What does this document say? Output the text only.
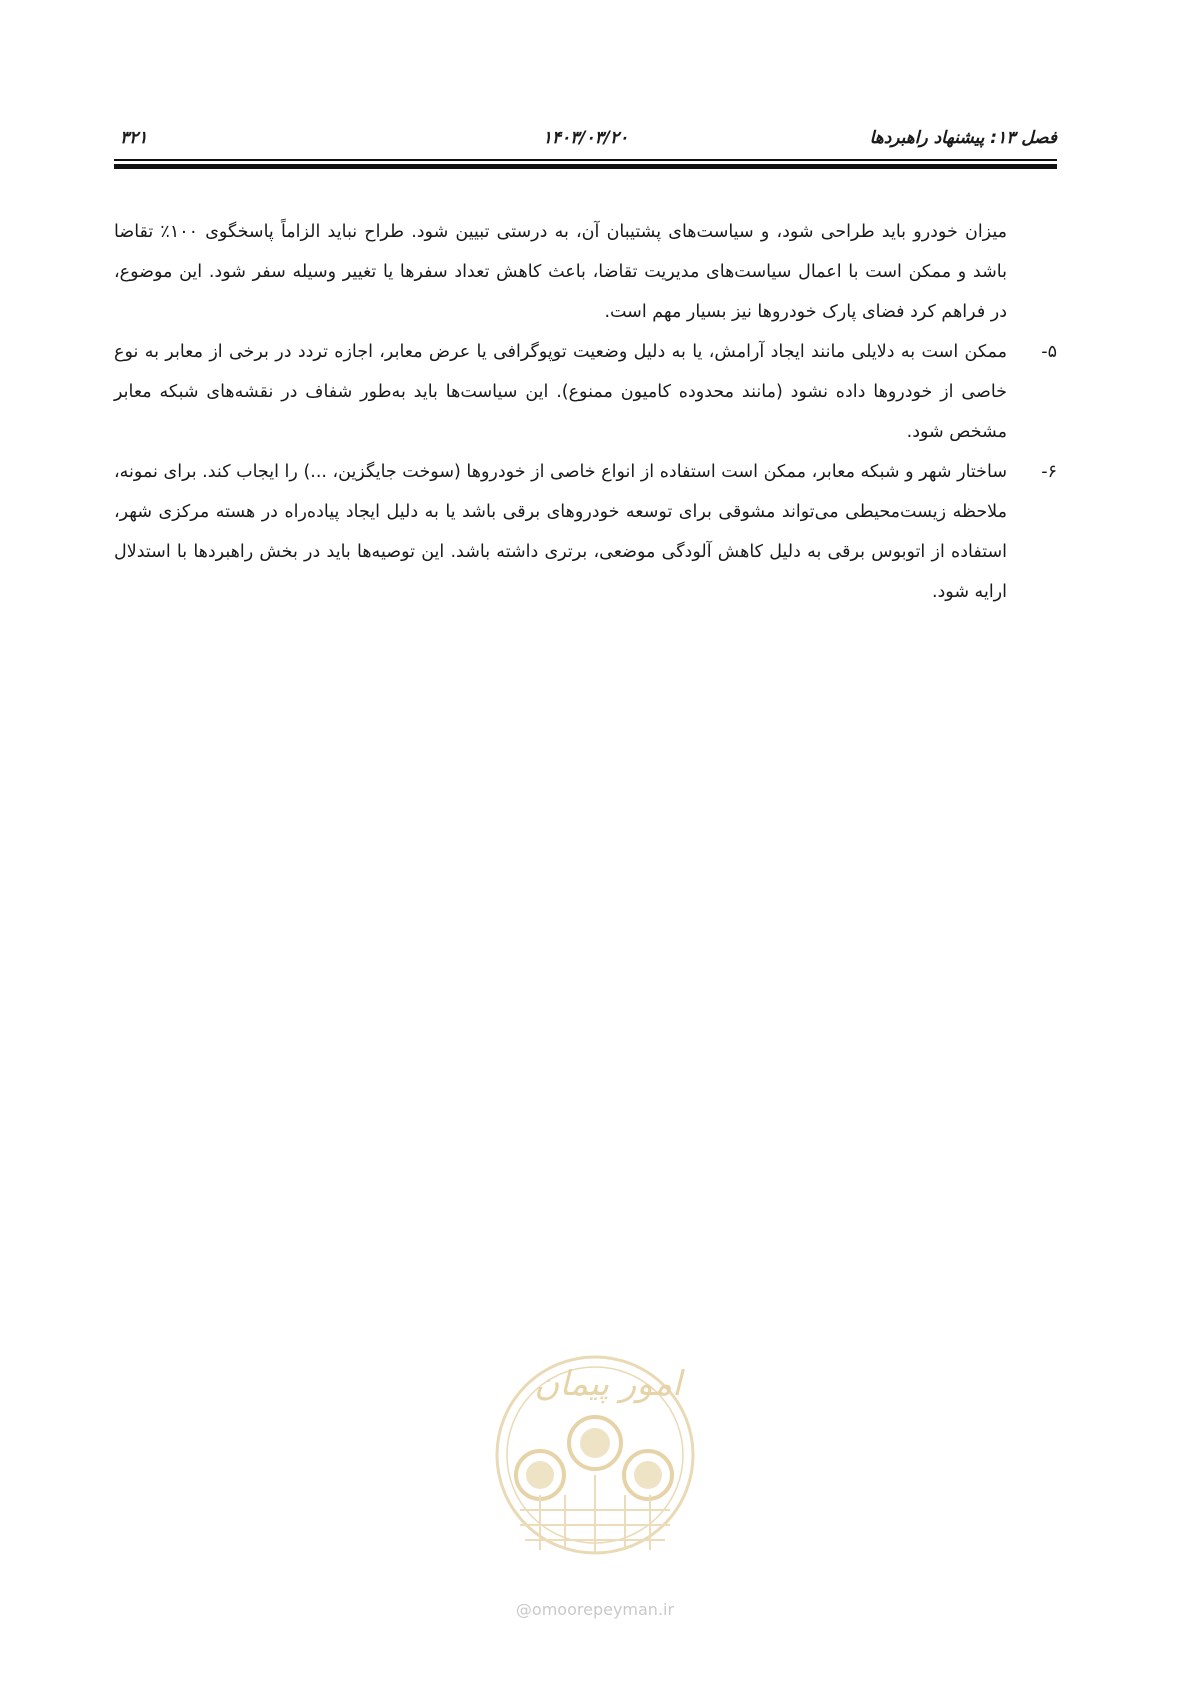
فصل ۱۳: پیشنهاد راهبردها
۱۴۰۳/۰۳/۲۰
۳۲۱

میزان خودرو باید طراحی شود، و سیاست‌های پشتیبان آن، به درستی تبیین شود. طراح نباید الزاماً پاسخگوی ۱۰۰٪ تقاضا باشد و ممکن است با اعمال سیاست‌های مدیریت تقاضا، باعث کاهش تعداد سفرها یا تغییر وسیله سفر شود. این موضوع، در فراهم کرد فضای پارک خودروها نیز بسیار مهم است.

۵-
ممکن است به دلایلی مانند ایجاد آرامش، یا به دلیل وضعیت توپوگرافی یا عرض معابر، اجازه تردد در برخی از معابر به نوع خاصی از خودروها داده نشود (مانند محدوده کامیون ممنوع). این سیاست‌ها باید به‌طور شفاف در نقشه‌های شبکه معابر مشخص شود.
۶-
ساختار شهر و شبکه معابر، ممکن است استفاده از انواع خاصی از خودروها (سوخت جایگزین، ...) را ایجاب کند. برای نمونه، ملاحظه زیست‌محیطی می‌تواند مشوقی برای توسعه خودروهای برقی باشد یا به دلیل ایجاد پیاده‌راه در هسته مرکزی شهر، استفاده از اتوبوس برقی به دلیل کاهش آلودگی موضعی، برتری داشته باشد. این توصیه‌ها باید در بخش راهبردها با استدلال ارایه شود.
امور پیمان
@omoorepeyman.ir
